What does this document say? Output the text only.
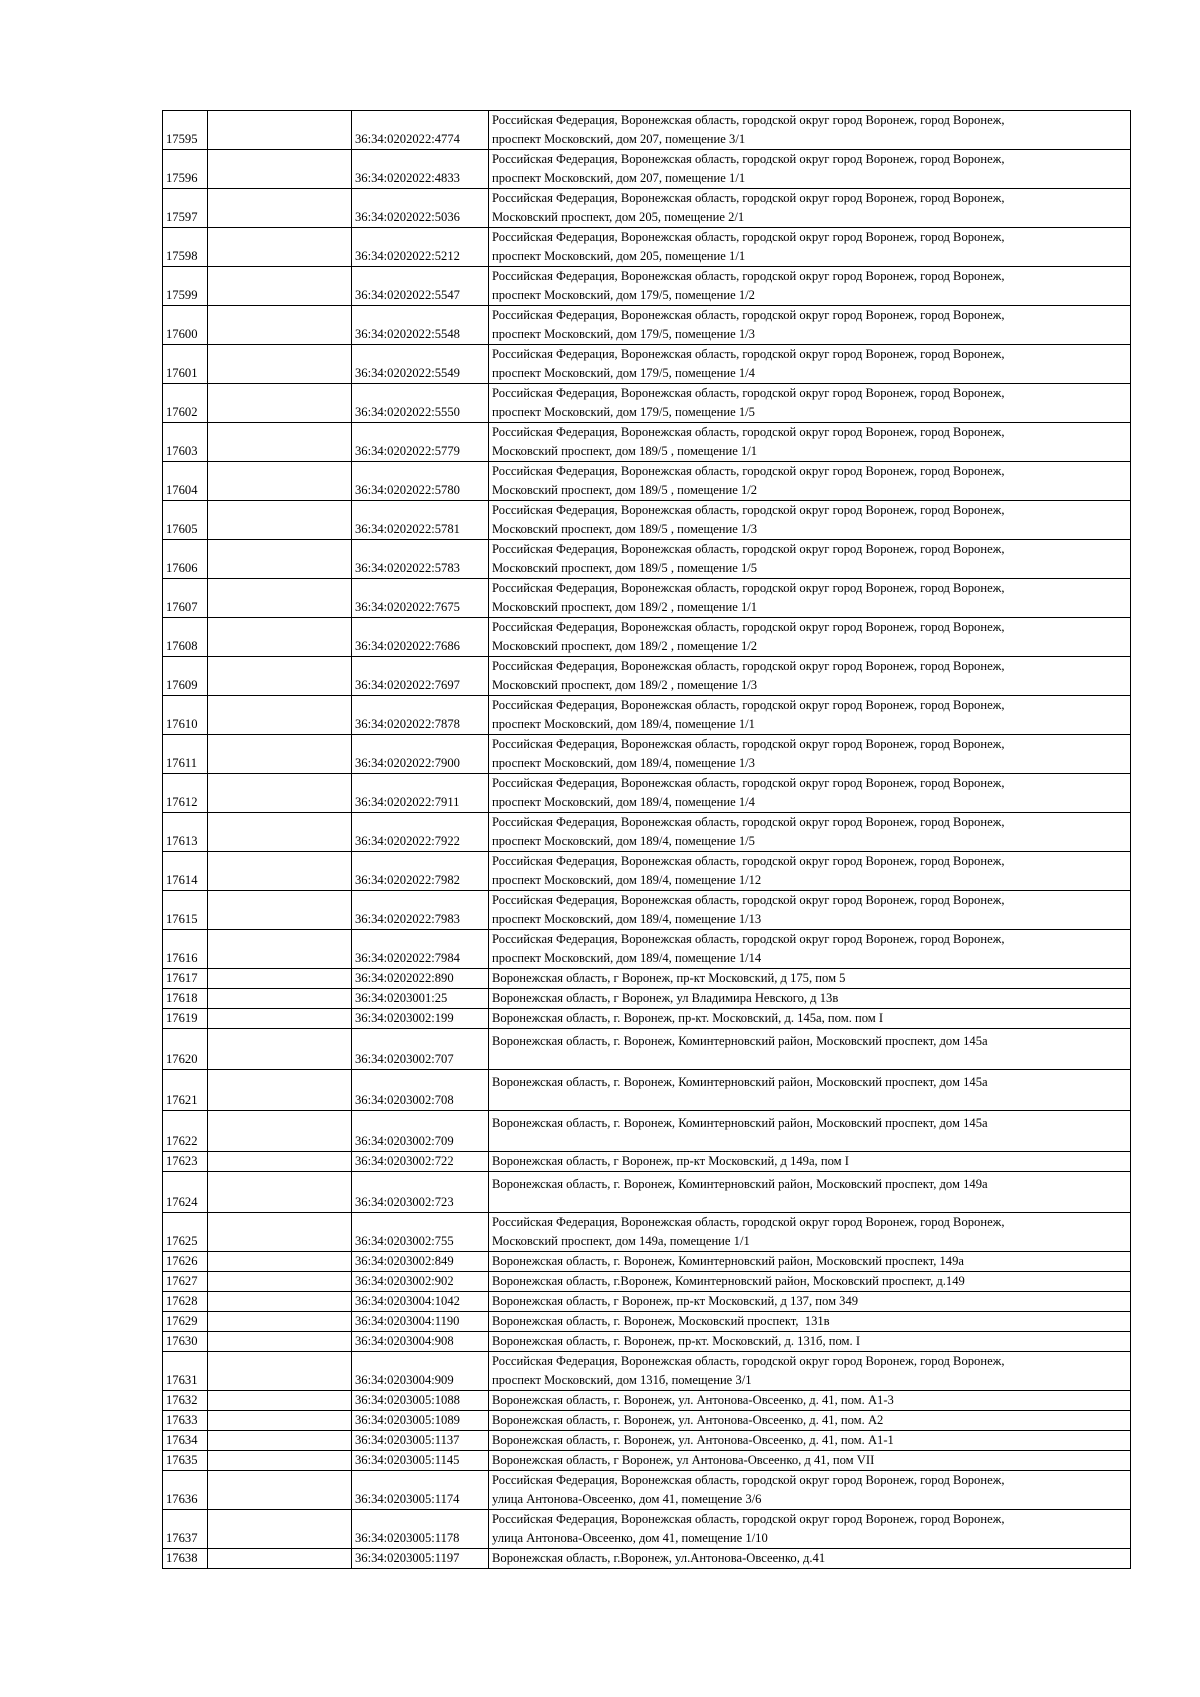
17595		36:34:0202022:4774	Российская Федерация, Воронежская область, городской округ город Воронеж, город Воронеж,
проспект Московский, дом 207, помещение 3/1
17596		36:34:0202022:4833	Российская Федерация, Воронежская область, городской округ город Воронеж, город Воронеж,
проспект Московский, дом 207, помещение 1/1
17597		36:34:0202022:5036	Российская Федерация, Воронежская область, городской округ город Воронеж, город Воронеж,
Московский проспект, дом 205, помещение 2/1
17598		36:34:0202022:5212	Российская Федерация, Воронежская область, городской округ город Воронеж, город Воронеж,
проспект Московский, дом 205, помещение 1/1
17599		36:34:0202022:5547	Российская Федерация, Воронежская область, городской округ город Воронеж, город Воронеж,
проспект Московский, дом 179/5, помещение 1/2
17600		36:34:0202022:5548	Российская Федерация, Воронежская область, городской округ город Воронеж, город Воронеж,
проспект Московский, дом 179/5, помещение 1/3
17601		36:34:0202022:5549	Российская Федерация, Воронежская область, городской округ город Воронеж, город Воронеж,
проспект Московский, дом 179/5, помещение 1/4
17602		36:34:0202022:5550	Российская Федерация, Воронежская область, городской округ город Воронеж, город Воронеж,
проспект Московский, дом 179/5, помещение 1/5
17603		36:34:0202022:5779	Российская Федерация, Воронежская область, городской округ город Воронеж, город Воронеж,
Московский проспект, дом 189/5 , помещение 1/1
17604		36:34:0202022:5780	Российская Федерация, Воронежская область, городской округ город Воронеж, город Воронеж,
Московский проспект, дом 189/5 , помещение 1/2
17605		36:34:0202022:5781	Российская Федерация, Воронежская область, городской округ город Воронеж, город Воронеж,
Московский проспект, дом 189/5 , помещение 1/3
17606		36:34:0202022:5783	Российская Федерация, Воронежская область, городской округ город Воронеж, город Воронеж,
Московский проспект, дом 189/5 , помещение 1/5
17607		36:34:0202022:7675	Российская Федерация, Воронежская область, городской округ город Воронеж, город Воронеж,
Московский проспект, дом 189/2 , помещение 1/1
17608		36:34:0202022:7686	Российская Федерация, Воронежская область, городской округ город Воронеж, город Воронеж,
Московский проспект, дом 189/2 , помещение 1/2
17609		36:34:0202022:7697	Российская Федерация, Воронежская область, городской округ город Воронеж, город Воронеж,
Московский проспект, дом 189/2 , помещение 1/3
17610		36:34:0202022:7878	Российская Федерация, Воронежская область, городской округ город Воронеж, город Воронеж,
проспект Московский, дом 189/4, помещение 1/1
17611		36:34:0202022:7900	Российская Федерация, Воронежская область, городской округ город Воронеж, город Воронеж,
проспект Московский, дом 189/4, помещение 1/3
17612		36:34:0202022:7911	Российская Федерация, Воронежская область, городской округ город Воронеж, город Воронеж,
проспект Московский, дом 189/4, помещение 1/4
17613		36:34:0202022:7922	Российская Федерация, Воронежская область, городской округ город Воронеж, город Воронеж,
проспект Московский, дом 189/4, помещение 1/5
17614		36:34:0202022:7982	Российская Федерация, Воронежская область, городской округ город Воронеж, город Воронеж,
проспект Московский, дом 189/4, помещение 1/12
17615		36:34:0202022:7983	Российская Федерация, Воронежская область, городской округ город Воронеж, город Воронеж,
проспект Московский, дом 189/4, помещение 1/13
17616		36:34:0202022:7984	Российская Федерация, Воронежская область, городской округ город Воронеж, город Воронеж,
проспект Московский, дом 189/4, помещение 1/14
17617		36:34:0202022:890	Воронежская область, г Воронеж, пр-кт Московский, д 175, пом 5
17618		36:34:0203001:25	Воронежская область, г Воронеж, ул Владимира Невского, д 13в
17619		36:34:0203002:199	Воронежская область, г. Воронеж, пр-кт. Московский, д. 145а, пом. пом I
17620		36:34:0203002:707	Воронежская область, г. Воронеж, Коминтерновский район, Московский проспект, дом 145а
17621		36:34:0203002:708	Воронежская область, г. Воронеж, Коминтерновский район, Московский проспект, дом 145а
17622		36:34:0203002:709	Воронежская область, г. Воронеж, Коминтерновский район, Московский проспект, дом 145а
17623		36:34:0203002:722	Воронежская область, г Воронеж, пр-кт Московский, д 149а, пом I
17624		36:34:0203002:723	Воронежская область, г. Воронеж, Коминтерновский район, Московский проспект, дом 149а
17625		36:34:0203002:755	Российская Федерация, Воронежская область, городской округ город Воронеж, город Воронеж,
Московский проспект, дом 149а, помещение 1/1
17626		36:34:0203002:849	Воронежская область, г. Воронеж, Коминтерновский район, Московский проспект, 149а
17627		36:34:0203002:902	Воронежская область, г.Воронеж, Коминтерновский район, Московский проспект, д.149
17628		36:34:0203004:1042	Воронежская область, г Воронеж, пр-кт Московский, д 137, пом 349
17629		36:34:0203004:1190	Воронежская область, г. Воронеж, Московский проспект,  131в
17630		36:34:0203004:908	Воронежская область, г. Воронеж, пр-кт. Московский, д. 131б, пом. I
17631		36:34:0203004:909	Российская Федерация, Воронежская область, городской округ город Воронеж, город Воронеж,
проспект Московский, дом 131б, помещение 3/1
17632		36:34:0203005:1088	Воронежская область, г. Воронеж, ул. Антонова-Овсеенко, д. 41, пом. А1-3
17633		36:34:0203005:1089	Воронежская область, г. Воронеж, ул. Антонова-Овсеенко, д. 41, пом. А2
17634		36:34:0203005:1137	Воронежская область, г. Воронеж, ул. Антонова-Овсеенко, д. 41, пом. А1-1
17635		36:34:0203005:1145	Воронежская область, г Воронеж, ул Антонова-Овсеенко, д 41, пом VII
17636		36:34:0203005:1174	Российская Федерация, Воронежская область, городской округ город Воронеж, город Воронеж,
улица Антонова-Овсеенко, дом 41, помещение 3/6
17637		36:34:0203005:1178	Российская Федерация, Воронежская область, городской округ город Воронеж, город Воронеж,
улица Антонова-Овсеенко, дом 41, помещение 1/10
17638		36:34:0203005:1197	Воронежская область, г.Воронеж, ул.Антонова-Овсеенко, д.41
